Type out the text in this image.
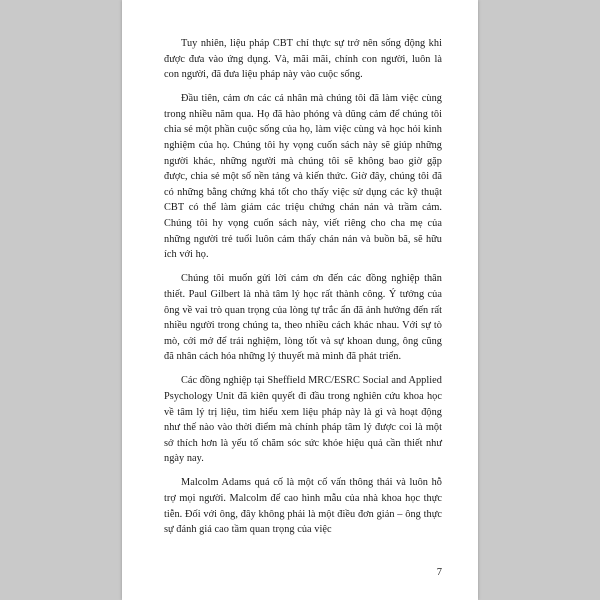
Tuy nhiên, liệu pháp CBT chỉ thực sự trở nên sống động khi được đưa vào ứng dụng. Và, mãi mãi, chính con người, luôn là con người, đã đưa liệu pháp này vào cuộc sống.

Đầu tiên, cảm ơn các cá nhân mà chúng tôi đã làm việc cùng trong nhiều năm qua. Họ đã hào phóng và dũng cảm để chúng tôi chia sẻ một phần cuộc sống của họ, làm việc cùng và học hỏi kinh nghiệm của họ. Chúng tôi hy vọng cuốn sách này sẽ giúp những người khác, những người mà chúng tôi sẽ không bao giờ gặp được, chia sẻ một số nền tảng và kiến thức. Giờ đây, chúng tôi đã có những bằng chứng khá tốt cho thấy việc sử dụng các kỹ thuật CBT có thể làm giảm các triệu chứng chán nản và trầm cảm. Chúng tôi hy vọng cuốn sách này, viết riêng cho cha mẹ của những người trẻ tuổi luôn cảm thấy chán nản và buồn bã, sẽ hữu ích với họ.

Chúng tôi muốn gửi lời cảm ơn đến các đồng nghiệp thân thiết. Paul Gilbert là nhà tâm lý học rất thành công. Ý tưởng của ông về vai trò quan trọng của lòng tự trắc ẩn đã ảnh hưởng đến rất nhiều người trong chúng ta, theo nhiều cách khác nhau. Với sự tò mò, cởi mở để trải nghiệm, lòng tốt và sự khoan dung, ông cũng đã nhân cách hóa những lý thuyết mà mình đã phát triển.

Các đồng nghiệp tại Sheffield MRC/ESRC Social and Applied Psychology Unit đã kiên quyết đi đầu trong nghiên cứu khoa học về tâm lý trị liệu, tìm hiểu xem liệu pháp này là gì và hoạt động như thế nào vào thời điểm mà chính pháp tâm lý được coi là một sở thích hơn là yếu tố chăm sóc sức khỏe hiệu quả cần thiết như ngày nay.

Malcolm Adams quá cố là một cố vấn thông thái và luôn hỗ trợ mọi người. Malcolm để cao hình mẫu của nhà khoa học thực tiễn. Đối với ông, đây không phải là một điều đơn giản – ông thực sự đánh giá cao tầm quan trọng của việc

7
